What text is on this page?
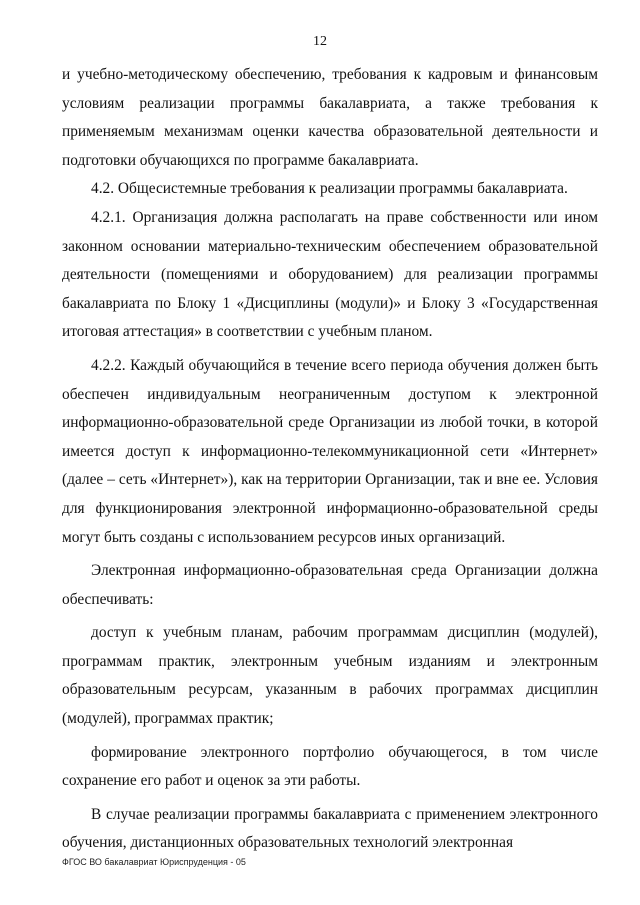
12

и учебно-методическому обеспечению, требования к кадровым и финансовым условиям реализации программы бакалавриата, а также требования к применяемым механизмам оценки качества образовательной деятельности и подготовки обучающихся по программе бакалавриата.

4.2. Общесистемные требования к реализации программы бакалавриата.

4.2.1. Организация должна располагать на праве собственности или ином законном основании материально-техническим обеспечением образовательной деятельности (помещениями и оборудованием) для реализации программы бакалавриата по Блоку 1 «Дисциплины (модули)» и Блоку 3 «Государственная итоговая аттестация» в соответствии с учебным планом.

4.2.2. Каждый обучающийся в течение всего периода обучения должен быть обеспечен индивидуальным неограниченным доступом к электронной информационно-образовательной среде Организации из любой точки, в которой имеется доступ к информационно-телекоммуникационной сети «Интернет» (далее – сеть «Интернет»), как на территории Организации, так и вне ее. Условия для функционирования электронной информационно-образовательной среды могут быть созданы с использованием ресурсов иных организаций.

Электронная информационно-образовательная среда Организации должна обеспечивать:

доступ к учебным планам, рабочим программам дисциплин (модулей), программам практик, электронным учебным изданиям и электронным образовательным ресурсам, указанным в рабочих программах дисциплин (модулей), программах практик;

формирование электронного портфолио обучающегося, в том числе сохранение его работ и оценок за эти работы.

В случае реализации программы бакалавриата с применением электронного обучения, дистанционных образовательных технологий электронная

ФГОС ВО бакалавриат Юриспруденция - 05
